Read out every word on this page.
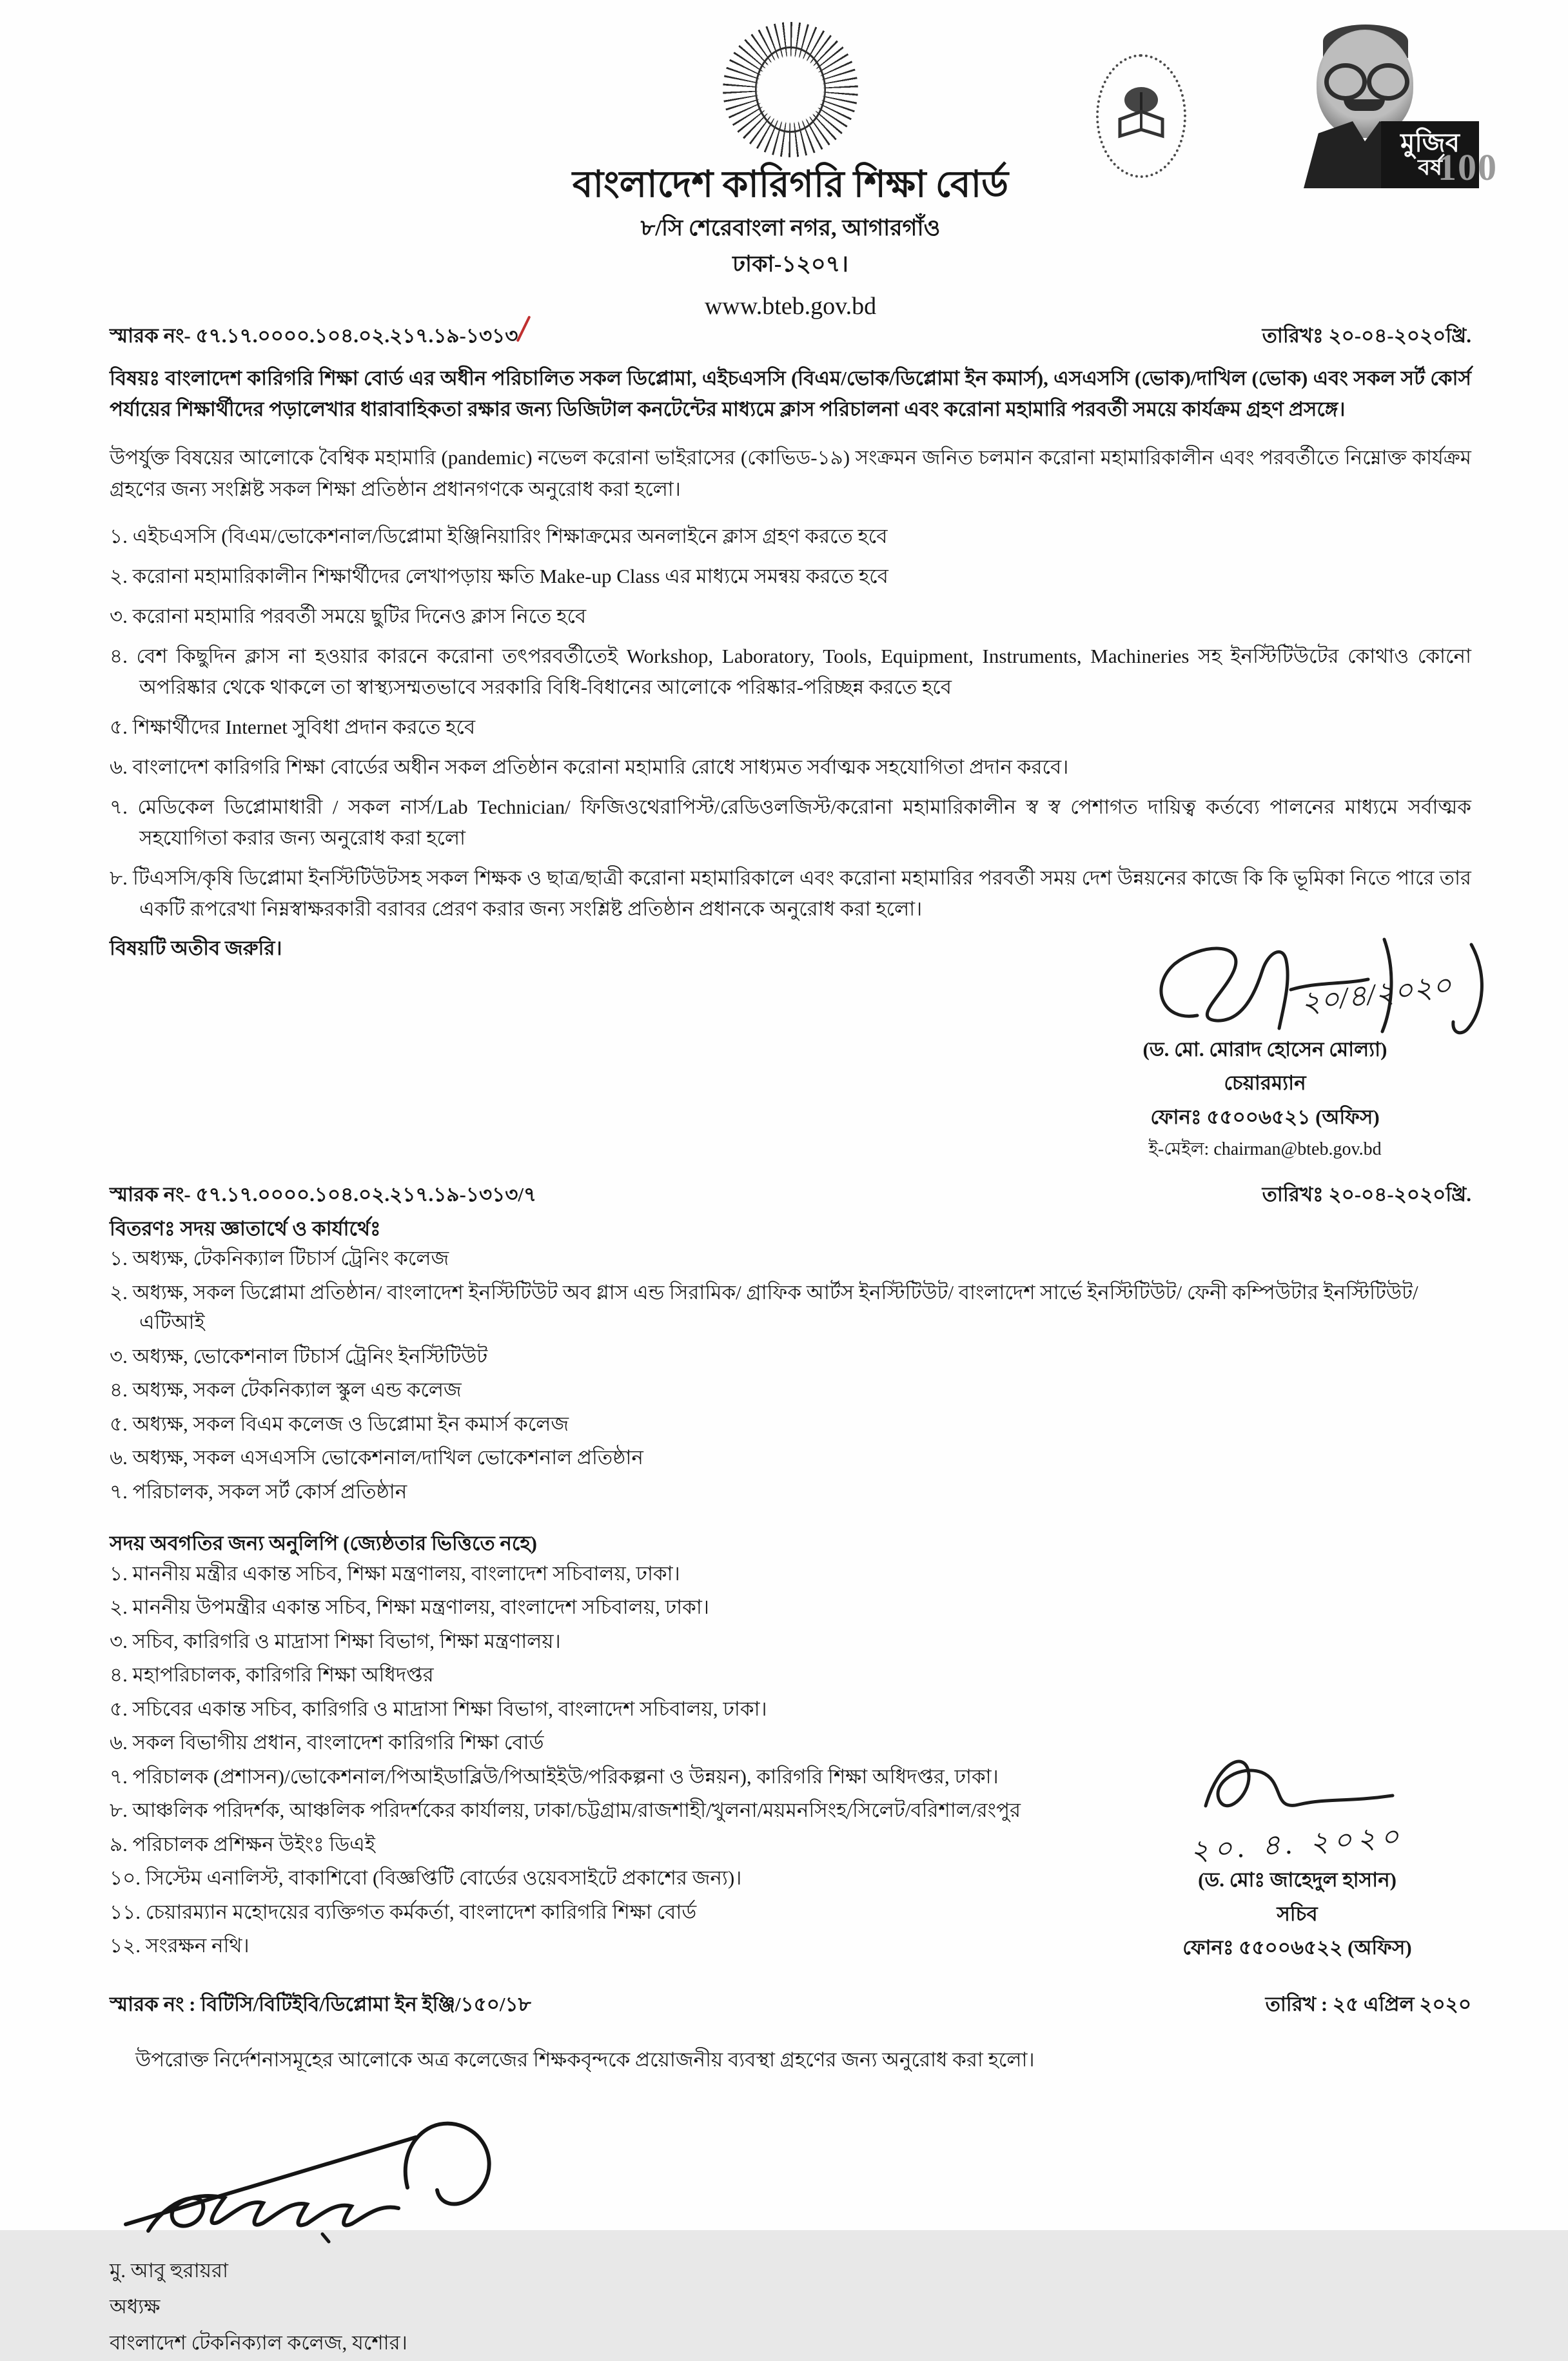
বাংলাদেশ কারিগরি শিক্ষা বোর্ড
৮/সি শেরেবাংলা নগর, আগারগাঁও
ঢাকা-১২০৭।
www.bteb.gov.bd
মুজিব
বর্ষ
100
স্মারক নং- ৫৭.১৭.০০০০.১০৪.০২.২১৭.১৯-১৩১৩	তারিখঃ ২০-০৪-২০২০খ্রি.
বিষয়ঃ বাংলাদেশ কারিগরি শিক্ষা বোর্ড এর অধীন পরিচালিত সকল ডিপ্লোমা, এইচএসসি (বিএম/ভোক/ডিপ্লোমা ইন কমার্স), এসএসসি (ভোক)/দাখিল (ভোক) এবং সকল সর্ট কোর্স পর্যায়ের শিক্ষার্থীদের পড়ালেখার ধারাবাহিকতা রক্ষার জন্য ডিজিটাল কনটেন্টের মাধ্যমে ক্লাস পরিচালনা এবং করোনা মহামারি পরবর্তী সময়ে কার্যক্রম গ্রহণ প্রসঙ্গে।
উপর্যুক্ত বিষয়ের আলোকে বৈশ্বিক মহামারি (pandemic) নভেল করোনা ভাইরাসের (কোভিড-১৯) সংক্রমন জনিত চলমান করোনা মহামারিকালীন এবং পরবর্তীতে নিম্নোক্ত কার্যক্রম গ্রহণের জন্য সংশ্লিষ্ট সকল শিক্ষা প্রতিষ্ঠান প্রধানগণকে অনুরোধ করা হলো।
১. এইচএসসি (বিএম/ভোকেশনাল/ডিপ্লোমা ইঞ্জিনিয়ারিং শিক্ষাক্রমের অনলাইনে ক্লাস গ্রহণ করতে হবে
২. করোনা মহামারিকালীন শিক্ষার্থীদের লেখাপড়ায় ক্ষতি Make-up Class এর মাধ্যমে সমন্বয় করতে হবে
৩. করোনা মহামারি পরবর্তী সময়ে ছুটির দিনেও ক্লাস নিতে হবে
৪. বেশ কিছুদিন ক্লাস না হওয়ার কারনে করোনা তৎপরবর্তীতেই Workshop, Laboratory, Tools, Equipment, Instruments, Machineries সহ ইনস্টিটিউটের কোথাও কোনো অপরিষ্কার থেকে থাকলে তা স্বাস্থ্যসম্মতভাবে সরকারি বিধি-বিধানের আলোকে পরিষ্কার-পরিচ্ছন্ন করতে হবে
৫. শিক্ষার্থীদের Internet সুবিধা প্রদান করতে হবে
৬. বাংলাদেশ কারিগরি শিক্ষা বোর্ডের অধীন সকল প্রতিষ্ঠান করোনা মহামারি রোধে সাধ্যমত সর্বাত্মক সহযোগিতা প্রদান করবে।
৭. মেডিকেল ডিপ্লোমাধারী / সকল নার্স/Lab Technician/ ফিজিওথেরাপিস্ট/রেডিওলজিস্ট/করোনা মহামারিকালীন স্ব স্ব পেশাগত দায়িত্ব কর্তব্যে পালনের মাধ্যমে সর্বাত্মক সহযোগিতা করার জন্য অনুরোধ করা হলো
৮. টিএসসি/কৃষি ডিপ্লোমা ইনস্টিটিউটসহ সকল শিক্ষক ও ছাত্র/ছাত্রী করোনা মহামারিকালে এবং করোনা মহামারির পরবর্তী সময় দেশ উন্নয়নের কাজে কি কি ভূমিকা নিতে পারে তার একটি রূপরেখা নিম্নস্বাক্ষরকারী বরাবর প্রেরণ করার জন্য সংশ্লিষ্ট প্রতিষ্ঠান প্রধানকে অনুরোধ করা হলো।
বিষয়টি অতীব জরুরি।
২০/৪/২০২০
(ড. মো. মোরাদ হোসেন মোল্যা)
চেয়ারম্যান
ফোনঃ ৫৫০০৬৫২১ (অফিস)
ই-মেইল: chairman@bteb.gov.bd
স্মারক নং- ৫৭.১৭.০০০০.১০৪.০২.২১৭.১৯-১৩১৩/৭	তারিখঃ ২০-০৪-২০২০খ্রি.
বিতরণঃ সদয় জ্ঞাতার্থে ও কার্যার্থেঃ
১. অধ্যক্ষ, টেকনিক্যাল টিচার্স ট্রেনিং কলেজ
২. অধ্যক্ষ, সকল ডিপ্লোমা প্রতিষ্ঠান/ বাংলাদেশ ইনস্টিটিউট অব গ্লাস এন্ড সিরামিক/ গ্রাফিক আর্টস ইনস্টিটিউট/ বাংলাদেশ সার্ভে ইনস্টিটিউট/ ফেনী কম্পিউটার ইনস্টিটিউট/ এটিআই
৩. অধ্যক্ষ, ভোকেশনাল টিচার্স ট্রেনিং ইনস্টিটিউট
৪. অধ্যক্ষ, সকল টেকনিক্যাল স্কুল এন্ড কলেজ
৫. অধ্যক্ষ, সকল বিএম কলেজ ও ডিপ্লোমা ইন কমার্স কলেজ
৬. অধ্যক্ষ, সকল এসএসসি ভোকেশনাল/দাখিল ভোকেশনাল প্রতিষ্ঠান
৭. পরিচালক, সকল সর্ট কোর্স প্রতিষ্ঠান
সদয় অবগতির জন্য অনুলিপি (জ্যেষ্ঠতার ভিত্তিতে নহে)
১. মাননীয় মন্ত্রীর একান্ত সচিব, শিক্ষা মন্ত্রণালয়, বাংলাদেশ সচিবালয়, ঢাকা।
২. মাননীয় উপমন্ত্রীর একান্ত সচিব, শিক্ষা মন্ত্রণালয়, বাংলাদেশ সচিবালয়, ঢাকা।
৩. সচিব, কারিগরি ও মাদ্রাসা শিক্ষা বিভাগ, শিক্ষা মন্ত্রণালয়।
৪. মহাপরিচালক, কারিগরি শিক্ষা অধিদপ্তর
৫. সচিবের একান্ত সচিব, কারিগরি ও মাদ্রাসা শিক্ষা বিভাগ, বাংলাদেশ সচিবালয়, ঢাকা।
৬. সকল বিভাগীয় প্রধান, বাংলাদেশ কারিগরি শিক্ষা বোর্ড
৭. পরিচালক (প্রশাসন)/ভোকেশনাল/পিআইডাব্লিউ/পিআইইউ/পরিকল্পনা ও উন্নয়ন), কারিগরি শিক্ষা অধিদপ্তর, ঢাকা।
৮. আঞ্চলিক পরিদর্শক, আঞ্চলিক পরিদর্শকের কার্যালয়, ঢাকা/চট্টগ্রাম/রাজশাহী/খুলনা/ময়মনসিংহ/সিলেট/বরিশাল/রংপুর
৯. পরিচালক প্রশিক্ষন উইংঃ ডিএই
১০. সিস্টেম এনালিস্ট, বাকাশিবো (বিজ্ঞপ্তিটি বোর্ডের ওয়েবসাইটে প্রকাশের জন্য)।
১১. চেয়ারম্যান মহোদয়ের ব্যক্তিগত কর্মকর্তা, বাংলাদেশ কারিগরি শিক্ষা বোর্ড
১২. সংরক্ষন নথি।
২০. ৪. ২০২০
(ড. মোঃ জাহেদুল হাসান)
সচিব
ফোনঃ ৫৫০০৬৫২২ (অফিস)
স্মারক নং : বিটিসি/বিটিইবি/ডিপ্লোমা ইন ইঞ্জি/১৫০/১৮	তারিখ : ২৫ এপ্রিল ২০২০
উপরোক্ত নির্দেশনাসমূহের আলোকে অত্র কলেজের শিক্ষকবৃন্দকে প্রয়োজনীয় ব্যবস্থা গ্রহণের জন্য অনুরোধ করা হলো।
মু. আবু হুরায়রা
অধ্যক্ষ
বাংলাদেশ টেকনিক্যাল কলেজ, যশোর।
